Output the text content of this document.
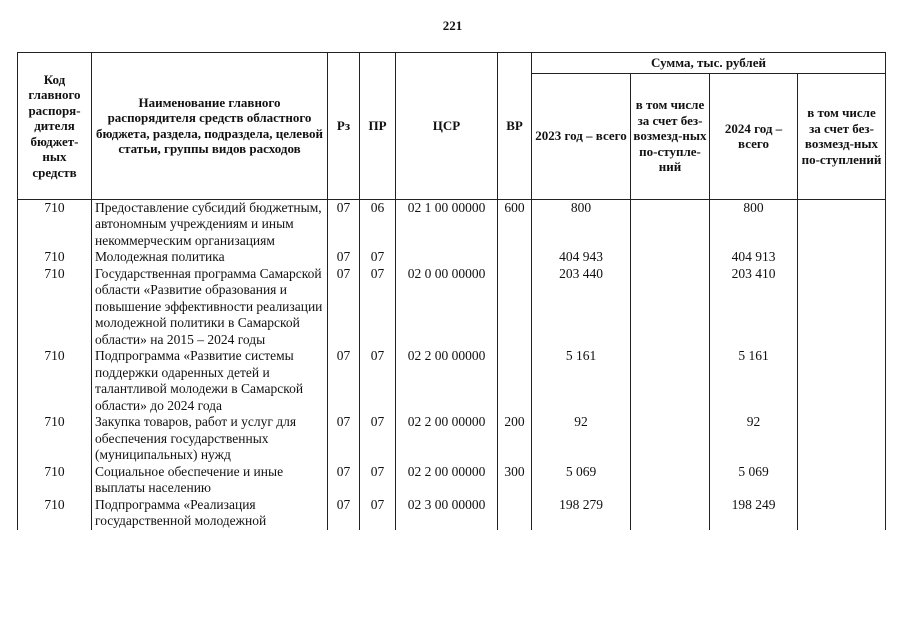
221
Код главного распоря-дителя бюджет-ных средств	Наименование главного распорядителя средств областного бюджета, раздела, подраздела, целевой статьи, группы видов расходов	Рз	ПР	ЦСР	ВР	Сумма, тыс. рублей			
						2023 год – всего	в том числе за счет без-возмезд-ных по-ступле-ний	2024 год – всего	в том числе за счет без-возмезд-ных по-ступлений
710	Предоставление субсидий бюджетным, автономным учреждениям и иным некоммерческим организациям	07	06	02 1 00 00000	600	800		800	
710	Молодежная политика	07	07			404 943		404 913	
710	Государственная программа Самарской области «Развитие образования и повышение эффективности реализации молодежной политики в Самарской области» на 2015 – 2024 годы	07	07	02 0 00 00000		203 440		203 410	
710	Подпрограмма «Развитие системы поддержки одаренных детей и талантливой молодежи в Самарской области» до 2024 года	07	07	02 2 00 00000		5 161		5 161	
710	Закупка товаров, работ и услуг для обеспечения государственных (муниципальных) нужд	07	07	02 2 00 00000	200	92		92	
710	Социальное обеспечение и иные выплаты населению	07	07	02 2 00 00000	300	5 069		5 069	
710	Подпрограмма «Реализация государственной молодежной	07	07	02 3 00 00000		198 279		198 249	
